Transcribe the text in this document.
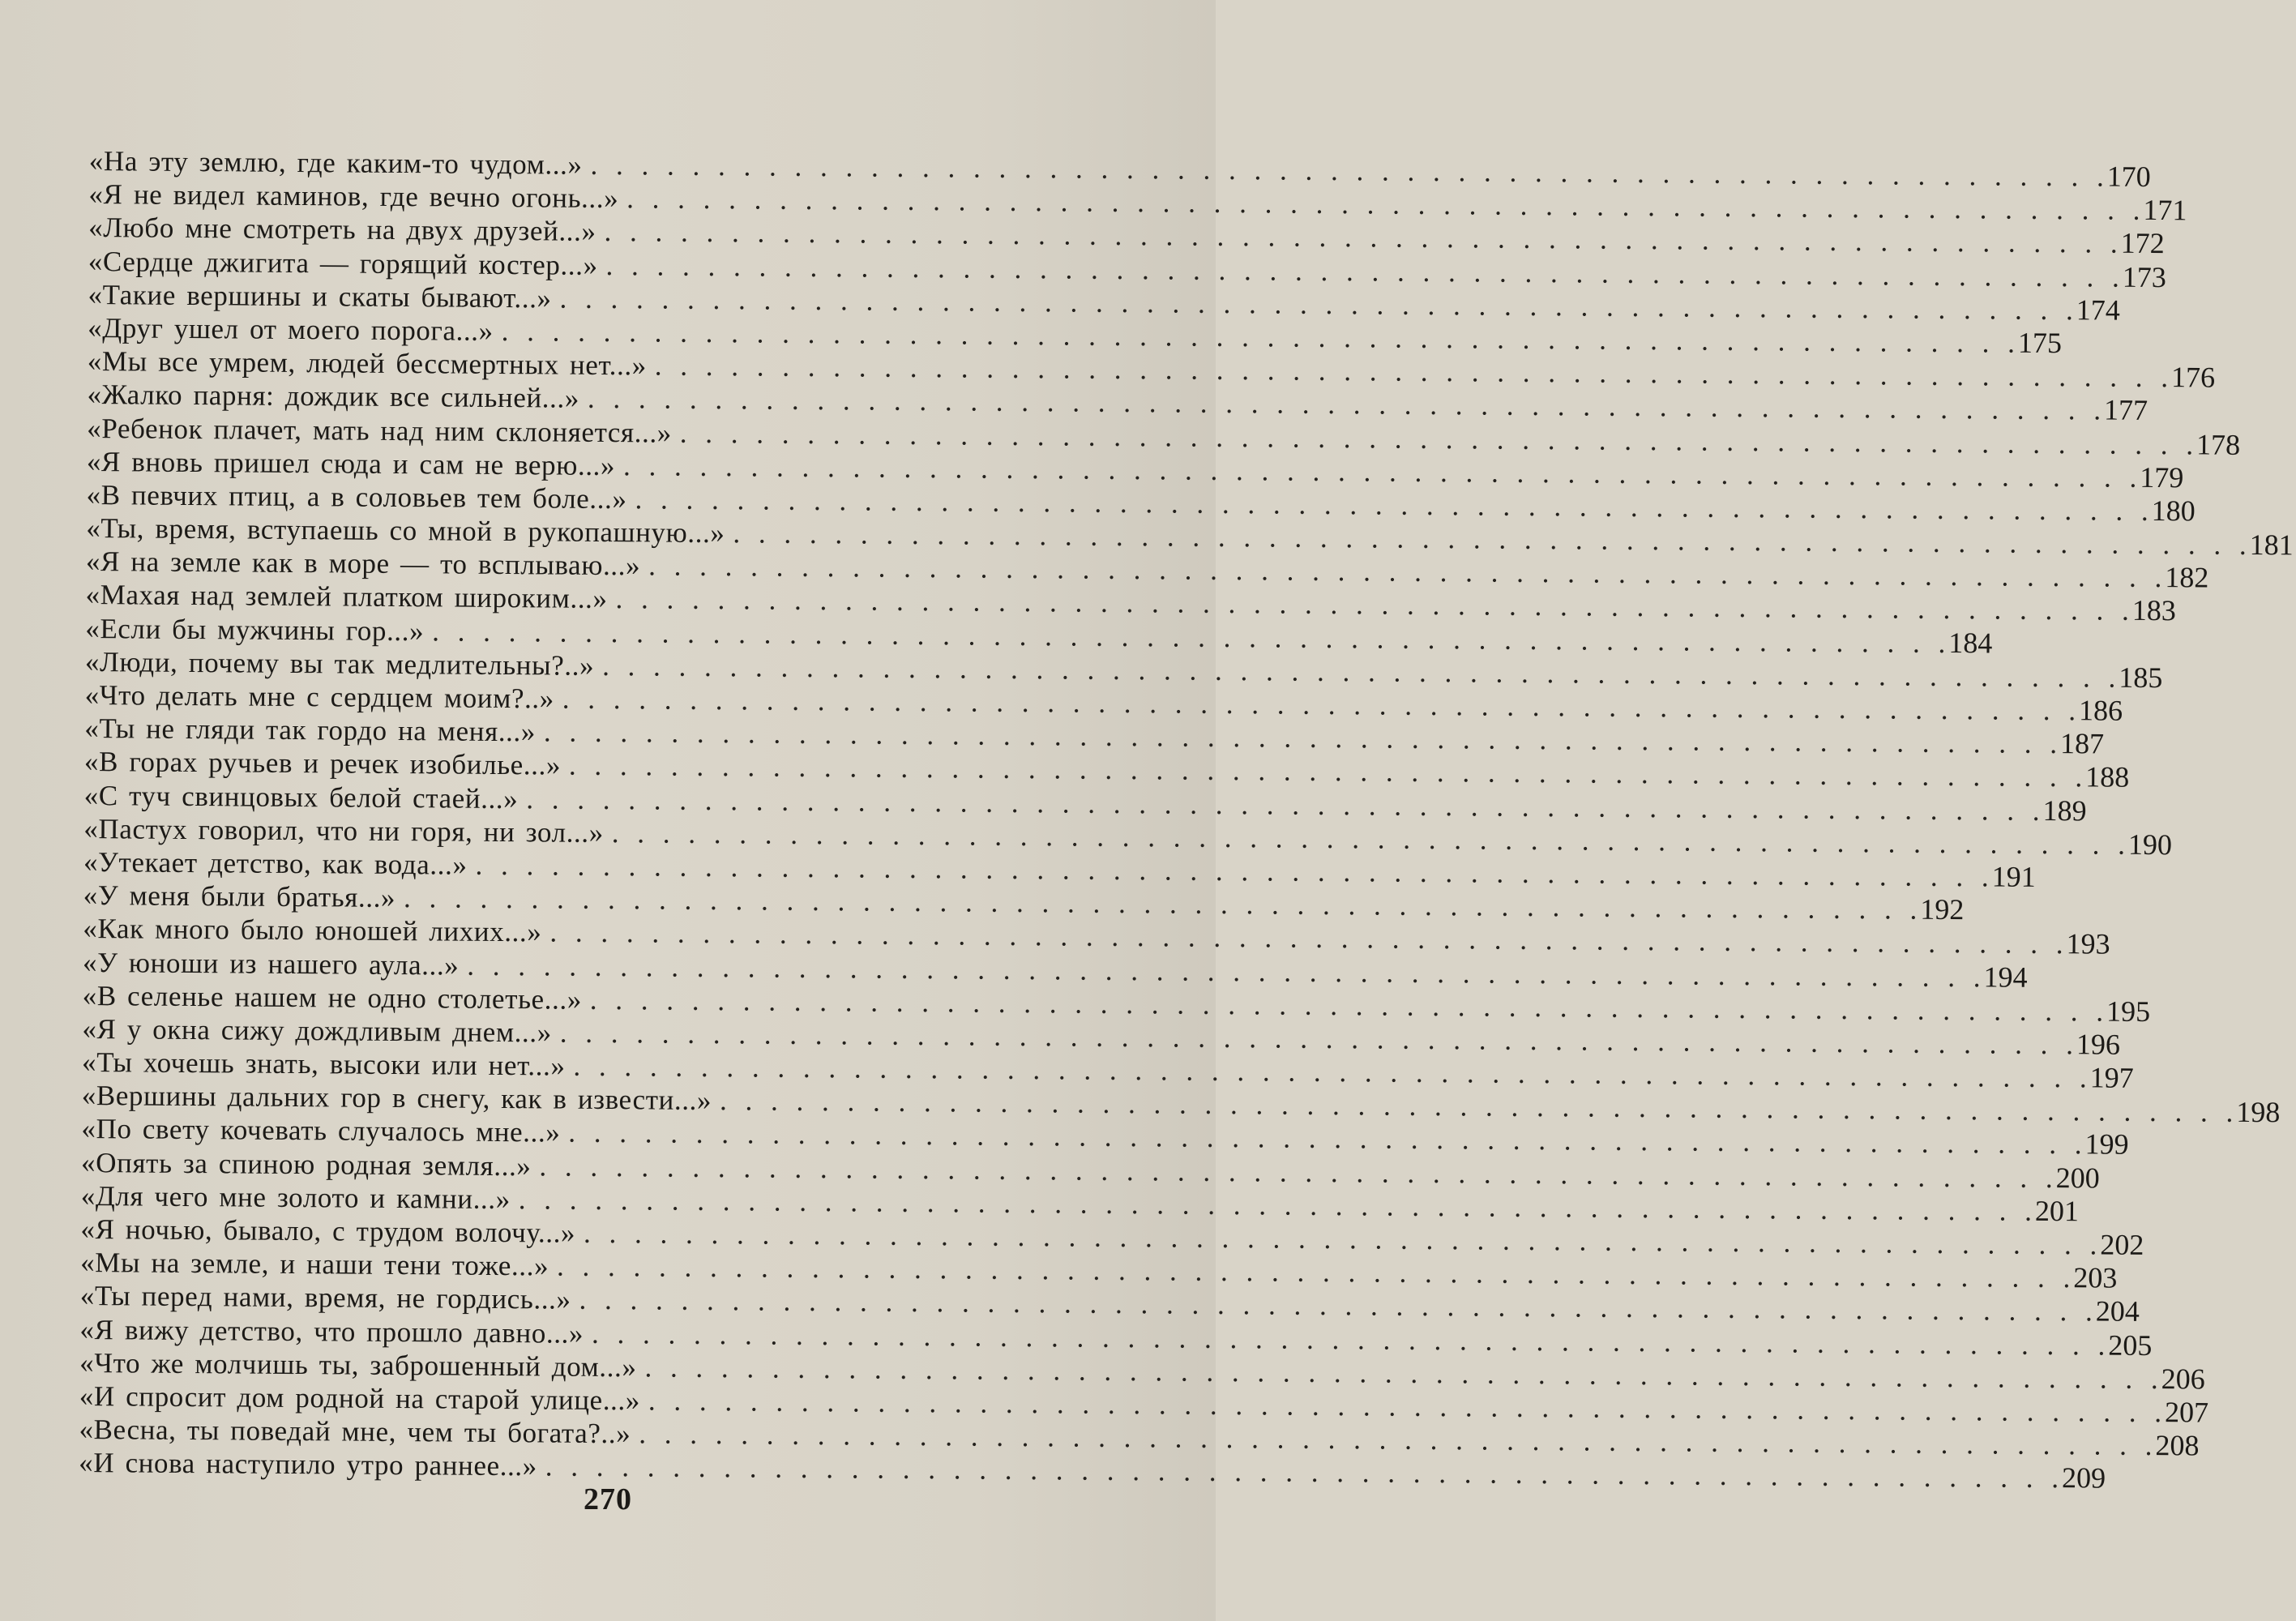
«На эту землю, где каким-то чудом...» . . .	170
«Я не видел каминов, где вечно огонь...» . . .	171
«Любо мне смотреть на двух друзей...» . . .	172
«Сердце джигита — горящий костер...» . . .	173
«Такие вершины и скаты бывают...» . . .	174
«Друг ушел от моего порога...» . . .	175
«Мы все умрем, людей бессмертных нет...» . . .	176
«Жалко парня: дождик все сильней...» . . .	177
«Ребенок плачет, мать над ним склоняется...» . . .	178
«Я вновь пришел сюда и сам не верю...» . . .	179
«В певчих птиц, а в соловьев тем боле...» . . .	180
«Ты, время, вступаешь со мной в рукопашную...» . . .	181
«Я на земле как в море — то всплываю...» . . .	182
«Махая над землей платком широким...» . . .	183
«Если бы мужчины гор...» . . .	184
«Люди, почему вы так медлительны?..» . . .	185
«Что делать мне с сердцем моим?..» . . .	186
«Ты не гляди так гордо на меня...» . . .	187
«В горах ручьев и речек изобилье...» . . .	188
«С туч свинцовых белой стаей...» . . .	189
«Пастух говорил, что ни горя, ни зол...» . . .	190
«Утекает детство, как вода...» . . .	191
«У меня были братья...» . . .	192
«Как много было юношей лихих...» . . .	193
«У юноши из нашего аула...» . . .	194
«В селенье нашем не одно столетье...» . . .	195
«Я у окна сижу дождливым днем...» . . .	196
«Ты хочешь знать, высоки или нет...» . . .	197
«Вершины дальних гор в снегу, как в извести...» . . .	198
«По свету кочевать случалось мне...» . . .	199
«Опять за спиною родная земля...» . . .	200
«Для чего мне золото и камни...» . . .	201
«Я ночью, бывало, с трудом волочу...» . . .	202
«Мы на земле, и наши тени тоже...» . . .	203
«Ты перед нами, время, не гордись...» . . .	204
«Я вижу детство, что прошло давно...» . . .	205
«Что же молчишь ты, заброшенный дом...» . . .	206
«И спросит дом родной на старой улице...» . . .	207
«Весна, ты поведай мне, чем ты богата?..» . . .	208
«И снова наступило утро раннее...» . . .	209
270
